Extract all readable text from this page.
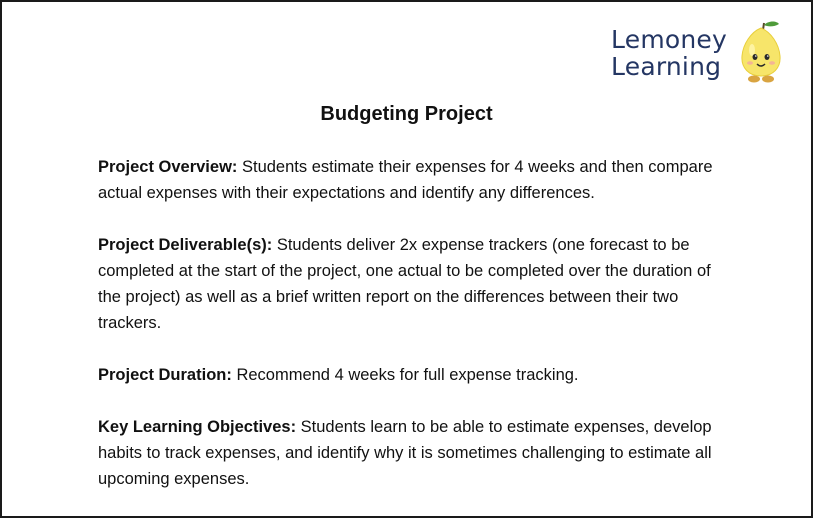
Lemoney
Learning
Budgeting Project

Project Overview: Students estimate their expenses for 4 weeks and then compare actual expenses with their expectations and identify any differences.

Project Deliverable(s): Students deliver 2x expense trackers (one forecast to be completed at the start of the project, one actual to be completed over the duration of the project) as well as a brief written report on the differences between their two trackers.

Project Duration: Recommend 4 weeks for full expense tracking.

Key Learning Objectives: Students learn to be able to estimate expenses, develop habits to track expenses, and identify why it is sometimes challenging to estimate all upcoming expenses.
